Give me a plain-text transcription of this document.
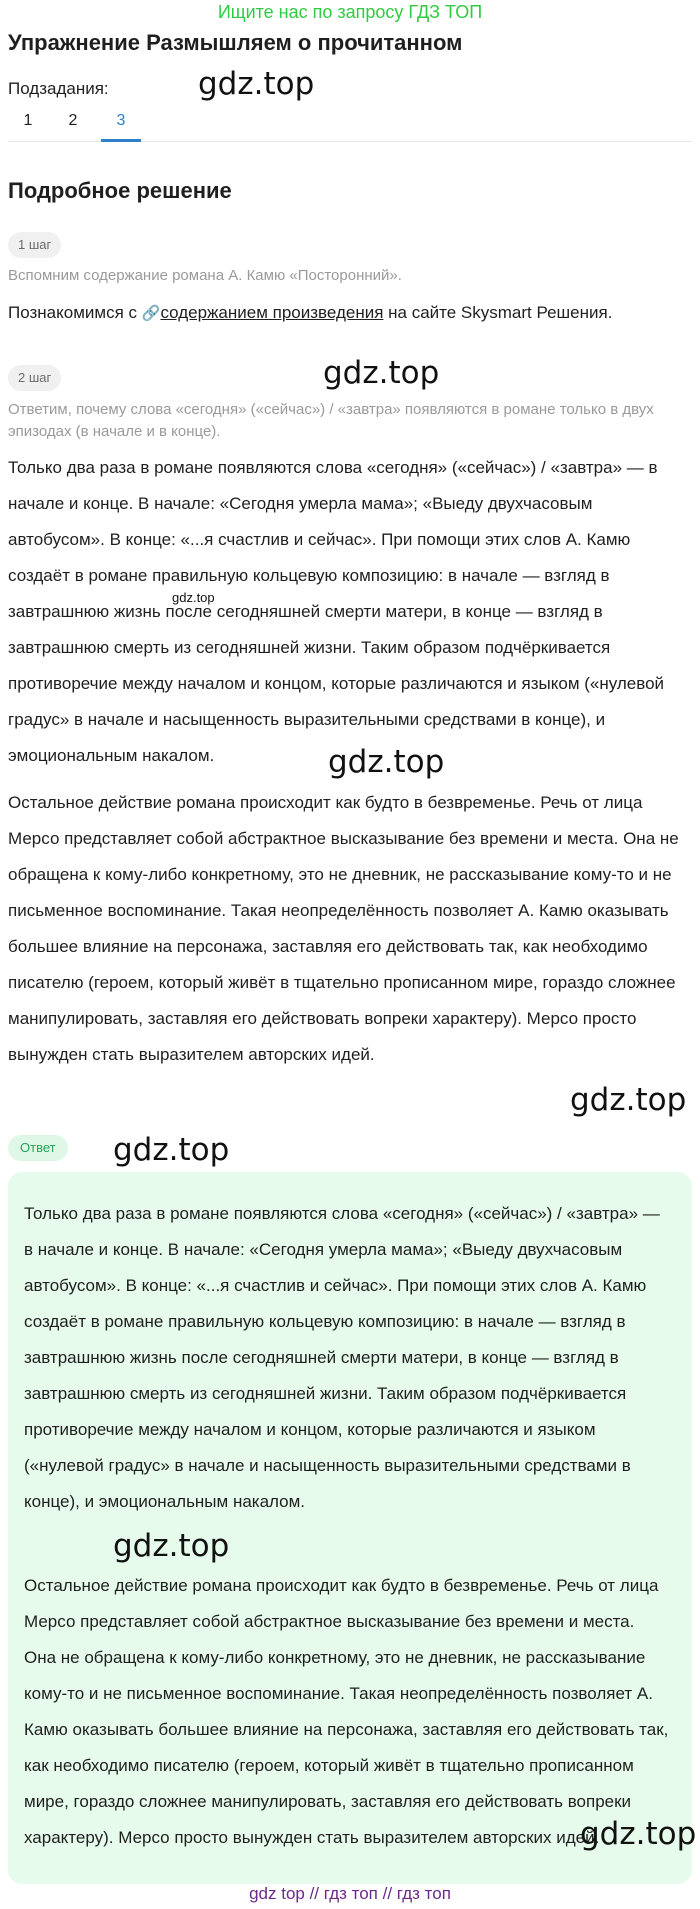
Ищите нас по запросу ГДЗ ТОП
Упражнение Размышляем о прочитанном
Подзадания:	gdz.top
1	2	3
Подробное решение
1 шаг
Вспомним содержание романа А. Камю «Посторонний».
Познакомимся с 🔗содержанием произведения на сайте Skysmart Решения.
2 шаг	gdz.top
Ответим, почему слова «сегодня» («сейчас») / «завтра» появляются в романе только в двух эпизодах (в начале и в конце).
Только два раза в романе появляются слова «сегодня» («сейчас») / «завтра» — в начале и конце. В начале: «Сегодня умерла мама»; «Выеду двухчасовым автобусом». В конце: «...я счастлив и сейчас». При помощи этих слов А. Камю создаёт в романе правильную кольцевую композицию: в начале — взгляд в завтрашнюю жизнь после сегодняшней смерти матери, в конце — взгляд в завтрашнюю смерть из сегодняшней жизни. Таким образом подчёркивается противоречие между началом и концом, которые различаются и языком («нулевой градус» в начале и насыщенность выразительными средствами в конце), и эмоциональным накалом.
gdz.top
gdz.top
Остальное действие романа происходит как будто в безвременье. Речь от лица Мерсо представляет собой абстрактное высказывание без времени и места. Она не обращена к кому-либо конкретному, это не дневник, не рассказывание кому-то и не письменное воспоминание. Такая неопределённость позволяет А. Камю оказывать большее влияние на персонажа, заставляя его действовать так, как необходимо писателю (героем, который живёт в тщательно прописанном мире, гораздо сложнее манипулировать, заставляя его действовать вопреки характеру). Мерсо просто вынужден стать выразителем авторских идей.
gdz.top
Ответ	gdz.top
Только два раза в романе появляются слова «сегодня» («сейчас») / «завтра» — в начале и конце. В начале: «Сегодня умерла мама»; «Выеду двухчасовым автобусом». В конце: «...я счастлив и сейчас». При помощи этих слов А. Камю создаёт в романе правильную кольцевую композицию: в начале — взгляд в завтрашнюю жизнь после сегодняшней смерти матери, в конце — взгляд в завтрашнюю смерть из сегодняшней жизни. Таким образом подчёркивается противоречие между началом и концом, которые различаются и языком («нулевой градус» в начале и насыщенность выразительными средствами в конце), и эмоциональным накалом.
gdz.top
Остальное действие романа происходит как будто в безвременье. Речь от лица Мерсо представляет собой абстрактное высказывание без времени и места. Она не обращена к кому-либо конкретному, это не дневник, не рассказывание кому-то и не письменное воспоминание. Такая неопределённость позволяет А. Камю оказывать большее влияние на персонажа, заставляя его действовать так, как необходимо писателю (героем, который живёт в тщательно прописанном мире, гораздо сложнее манипулировать, заставляя его действовать вопреки характеру). Мерсо просто вынужден стать выразителем авторских идей.
gdz.top
gdz top // гдз топ // гдз топ
